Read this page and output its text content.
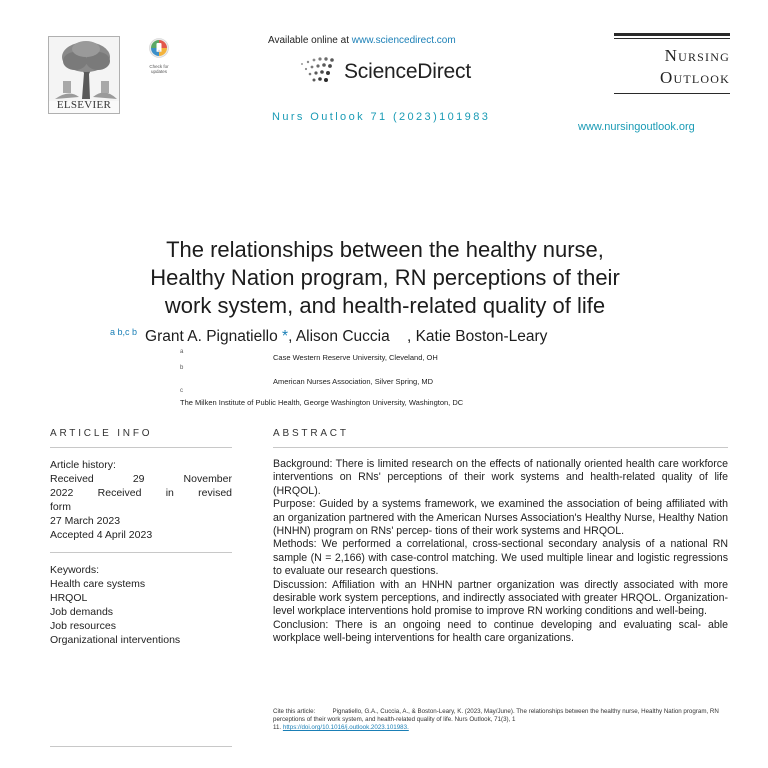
ELSEVIER
Check for updates
Available online at www.sciencedirect.com
ScienceDirect
Nurs Outlook 71 (2023)101983
Nursing
Outlook
www.nursingoutlook.org
The relationships between the healthy nurse,
Healthy Nation program, RN perceptions of their
work system, and health-related quality of life
$^{a b,c b}$ Grant A. Pignatiello *, Alison Cuccia , Katie Boston-Leary
a
Case Western Reserve University, Cleveland, OH
b
American Nurses Association, Silver Spring, MD
c
The Milken Institute of Public Health, George Washington University, Washington, DC
ARTICLE INFO	ABSTRACT
Article history:
Received 29 November
2022 Received in revised
form
27 March 2023
Accepted 4 April 2023
Keywords:
Health care systems
HRQOL
Job demands
Job resources
Organizational interventions

Background: There is limited research on the effects of nationally oriented health care workforce interventions on RNs' perceptions of their work systems and health-related quality of life (HRQOL).

Purpose: Guided by a systems framework, we examined the association of being affiliated with an organization partnered with the American Nurses Association's Healthy Nurse, Healthy Nation (HNHN) program on RNs' percep- tions of their work systems and HRQOL.

Methods: We performed a correlational, cross-sectional secondary analysis of a national RN sample (N = 2,166) with case-control matching. We used multiple linear and logistic regressions to evaluate our research questions.

Discussion: Affiliation with an HNHN partner organization was directly associated with more desirable work system perceptions, and indirectly associated with greater HRQOL. Organization-level workplace interventions hold promise to improve RN working conditions and well-being.

Conclusion: There is an ongoing need to continue developing and evaluating scal- able workplace well-being interventions for health care organizations.

Cite this article:	Pignatiello, G.A., Cuccia, A., & Boston-Leary, K. (2023, May/June). The relationships between the healthy nurse, Healthy Nation program, RN perceptions of their work system, and health-related quality of life. Nurs Outlook, 71(3), 1
11. https://doi.org/10.1016/j.outlook.2023.101983.
